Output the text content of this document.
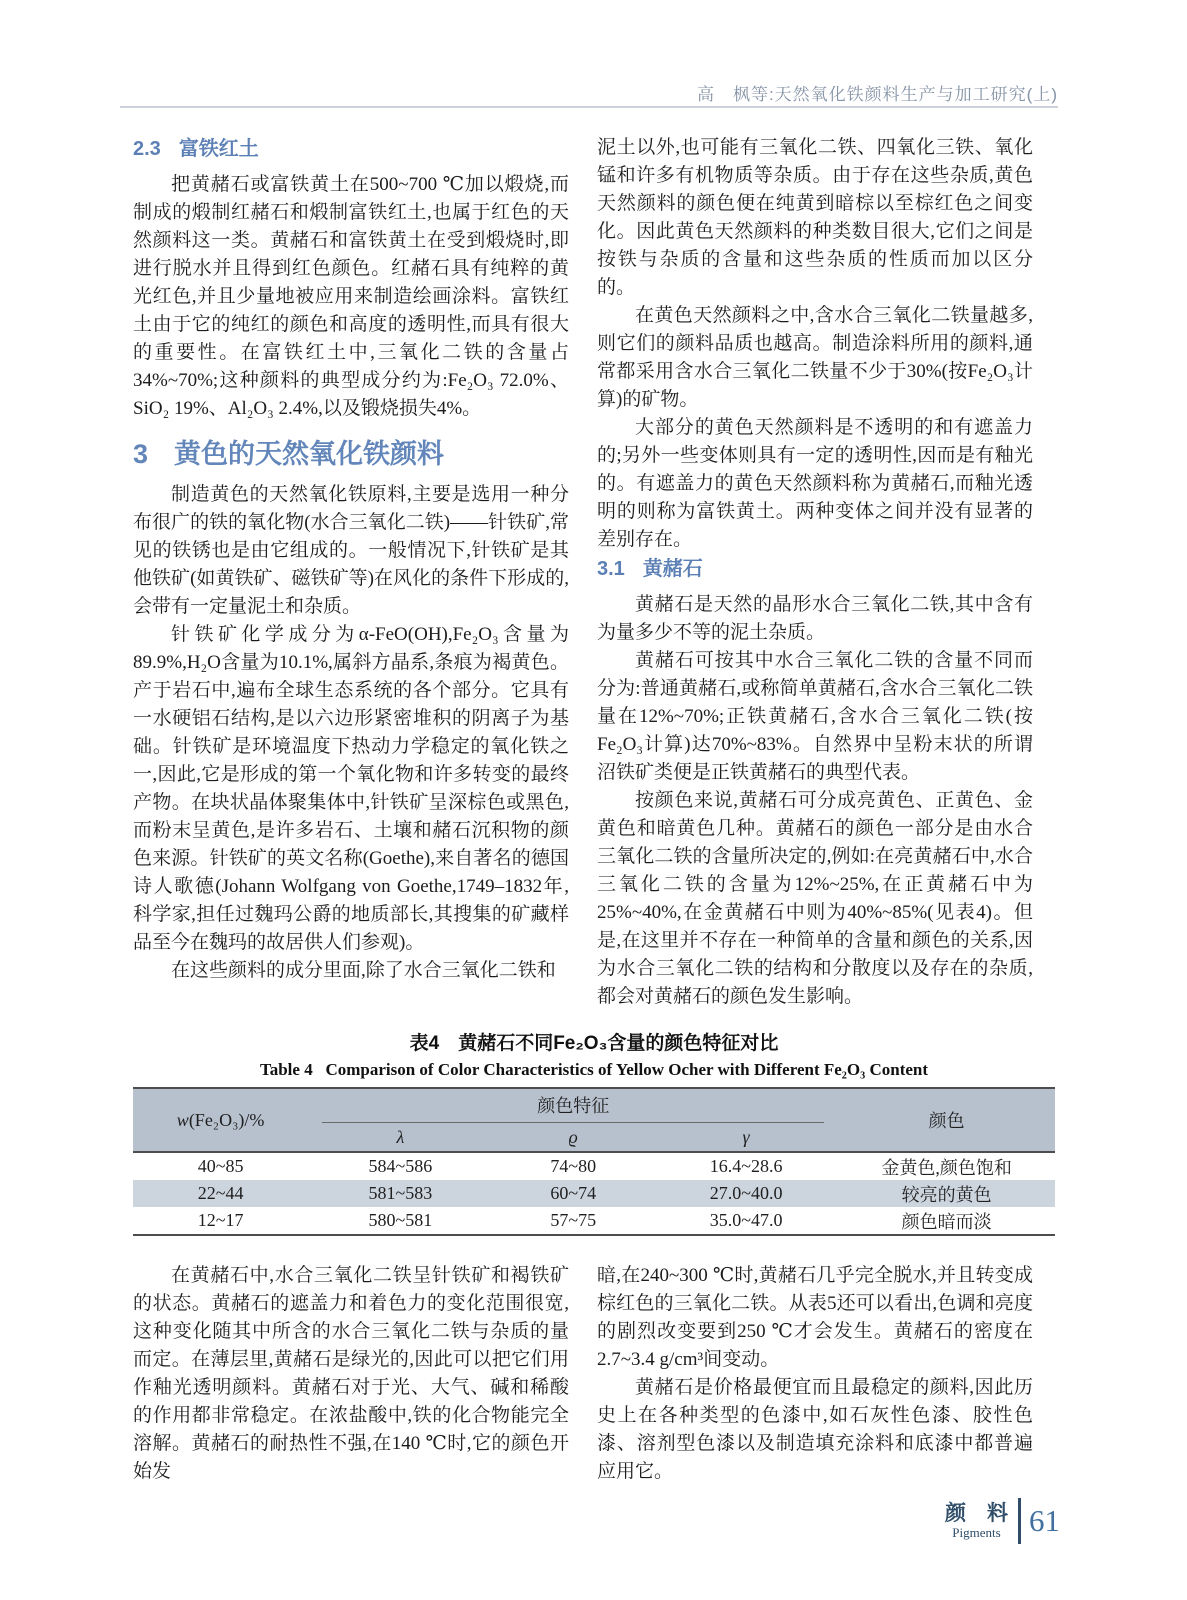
高　枫等:天然氧化铁颜料生产与加工研究(上)
2.3 富铁红土

把黄赭石或富铁黄土在500~700 ℃加以煅烧,而制成的煅制红赭石和煅制富铁红土,也属于红色的天然颜料这一类。黄赭石和富铁黄土在受到煅烧时,即进行脱水并且得到红色颜色。红赭石具有纯粹的黄光红色,并且少量地被应用来制造绘画涂料。富铁红土由于它的纯红的颜色和高度的透明性,而具有很大的重要性。在富铁红土中,三氧化二铁的含量占34%~70%;这种颜料的典型成分约为:Fe₂O₃ 72.0%、SiO₂ 19%、Al₂O₃ 2.4%,以及锻烧损失4%。

3 黄色的天然氧化铁颜料

制造黄色的天然氧化铁原料,主要是选用一种分布很广的铁的氧化物(水合三氧化二铁)——针铁矿,常见的铁锈也是由它组成的。一般情况下,针铁矿是其他铁矿(如黄铁矿、磁铁矿等)在风化的条件下形成的,会带有一定量泥土和杂质。

针铁矿化学成分为α-FeO(OH),Fe₂O₃含量为89.9%,H₂O含量为10.1%,属斜方晶系,条痕为褐黄色。产于岩石中,遍布全球生态系统的各个部分。它具有一水硬铝石结构,是以六边形紧密堆积的阴离子为基础。针铁矿是环境温度下热动力学稳定的氧化铁之一,因此,它是形成的第一个氧化物和许多转变的最终产物。在块状晶体聚集体中,针铁矿呈深棕色或黑色,而粉末呈黄色,是许多岩石、土壤和赭石沉积物的颜色来源。针铁矿的英文名称(Goethe),来自著名的德国诗人歌德(Johann Wolfgang von Goethe,1749–1832年,科学家,担任过魏玛公爵的地质部长,其搜集的矿藏样品至今在魏玛的故居供人们参观)。

在这些颜料的成分里面,除了水合三氧化二铁和

泥土以外,也可能有三氧化二铁、四氧化三铁、氧化锰和许多有机物质等杂质。由于存在这些杂质,黄色天然颜料的颜色便在纯黄到暗棕以至棕红色之间变化。因此黄色天然颜料的种类数目很大,它们之间是按铁与杂质的含量和这些杂质的性质而加以区分的。

在黄色天然颜料之中,含水合三氧化二铁量越多,则它们的颜料品质也越高。制造涂料所用的颜料,通常都采用含水合三氧化二铁量不少于30%(按Fe₂O₃计算)的矿物。

大部分的黄色天然颜料是不透明的和有遮盖力的;另外一些变体则具有一定的透明性,因而是有釉光的。有遮盖力的黄色天然颜料称为黄赭石,而釉光透明的则称为富铁黄土。两种变体之间并没有显著的差别存在。

3.1 黄赭石

黄赭石是天然的晶形水合三氧化二铁,其中含有为量多少不等的泥土杂质。

黄赭石可按其中水合三氧化二铁的含量不同而分为:普通黄赭石,或称简单黄赭石,含水合三氧化二铁量在12%~70%;正铁黄赭石,含水合三氧化二铁(按Fe₂O₃计算)达70%~83%。自然界中呈粉末状的所谓沼铁矿类便是正铁黄赭石的典型代表。

按颜色来说,黄赭石可分成亮黄色、正黄色、金黄色和暗黄色几种。黄赭石的颜色一部分是由水合三氧化二铁的含量所决定的,例如:在亮黄赭石中,水合三氧化二铁的含量为12%~25%,在正黄赭石中为25%~40%,在金黄赭石中则为40%~85%(见表4)。但是,在这里并不存在一种简单的含量和颜色的关系,因为水合三氧化二铁的结构和分散度以及存在的杂质,都会对黄赭石的颜色发生影响。

表4　黄赭石不同Fe₂O₃含量的颜色特征对比
Table 4   Comparison of Color Characteristics of Yellow Ocher with Different Fe₂O₃ Content
w(Fe₂O₃)/%	颜色特征			颜色
	λ	ϱ	γ	
40~85	584~586	74~80	16.4~28.6	金黄色,颜色饱和
22~44	581~583	60~74	27.0~40.0	较亮的黄色
12~17	580~581	57~75	35.0~47.0	颜色暗而淡

在黄赭石中,水合三氧化二铁呈针铁矿和褐铁矿的状态。黄赭石的遮盖力和着色力的变化范围很宽,这种变化随其中所含的水合三氧化二铁与杂质的量而定。在薄层里,黄赭石是绿光的,因此可以把它们用作釉光透明颜料。黄赭石对于光、大气、碱和稀酸的作用都非常稳定。在浓盐酸中,铁的化合物能完全溶解。黄赭石的耐热性不强,在140 ℃时,它的颜色开始发

暗,在240~300 ℃时,黄赭石几乎完全脱水,并且转变成棕红色的三氧化二铁。从表5还可以看出,色调和亮度的剧烈改变要到250 ℃才会发生。黄赭石的密度在2.7~3.4 g/cm³间变动。

黄赭石是价格最便宜而且最稳定的颜料,因此历史上在各种类型的色漆中,如石灰性色漆、胶性色漆、溶剂型色漆以及制造填充涂料和底漆中都普遍应用它。

颜　料
Pigments 61
